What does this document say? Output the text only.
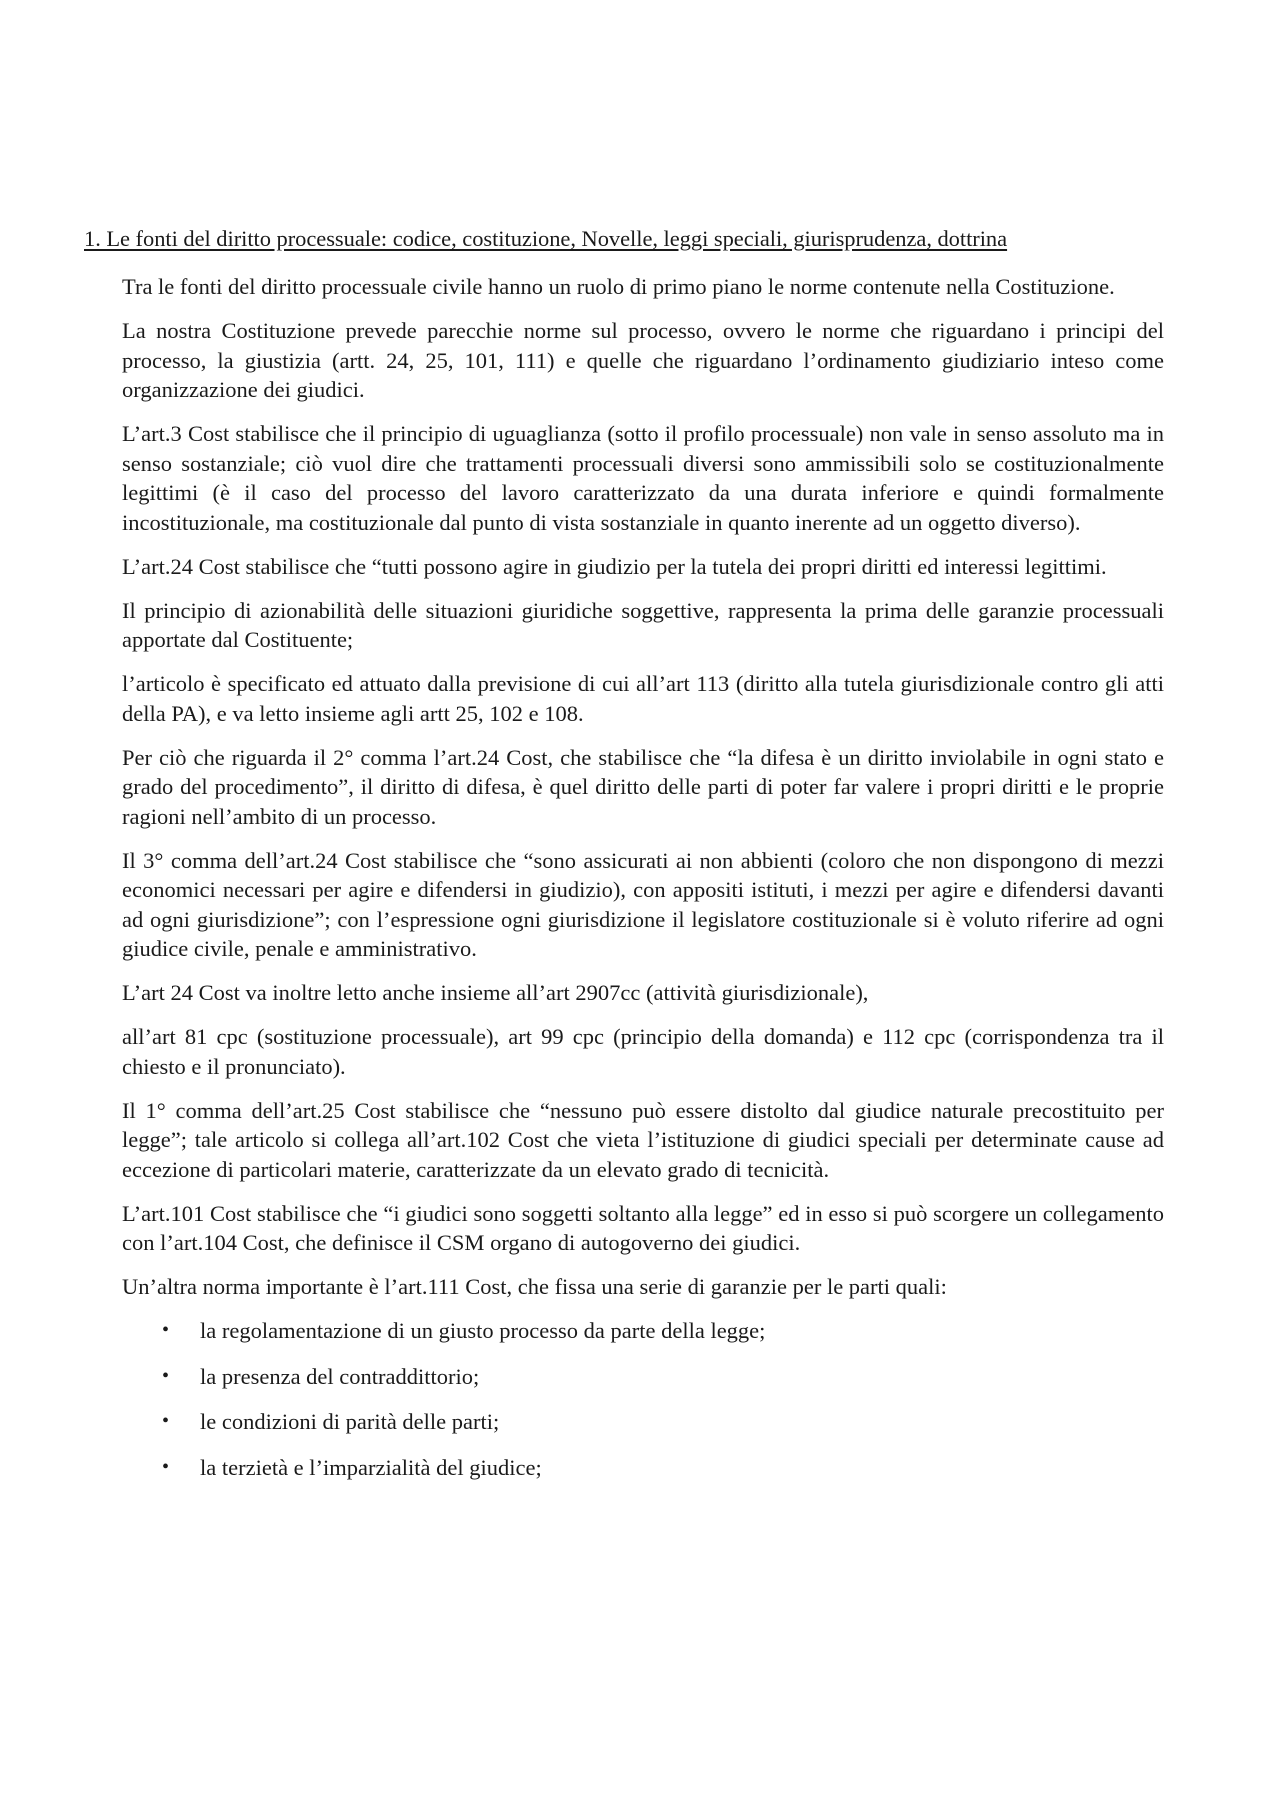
1. Le fonti del diritto processuale: codice, costituzione, Novelle, leggi speciali, giurisprudenza, dottrina

Tra le fonti del diritto processuale civile hanno un ruolo di primo piano le norme contenute nella Costituzione.

La nostra Costituzione prevede parecchie norme sul processo, ovvero le norme che riguardano i principi del processo, la giustizia (artt. 24, 25, 101, 111) e quelle che riguardano l’ordinamento giudiziario inteso come organizzazione dei giudici.

L’art.3 Cost stabilisce che il principio di uguaglianza (sotto il profilo processuale) non vale in senso assoluto ma in senso sostanziale; ciò vuol dire che trattamenti processuali diversi sono ammissibili solo se costituzionalmente legittimi (è il caso del processo del lavoro caratterizzato da una durata inferiore e quindi formalmente incostituzionale, ma costituzionale dal punto di vista sostanziale in quanto inerente ad un oggetto diverso).

L’art.24 Cost stabilisce che “tutti possono agire in giudizio per la tutela dei propri diritti ed interessi legittimi.

Il principio di azionabilità delle situazioni giuridiche soggettive, rappresenta la prima delle garanzie processuali apportate dal Costituente;

l’articolo è specificato ed attuato dalla previsione di cui all’art 113 (diritto alla tutela giurisdizionale contro gli atti della PA), e va letto insieme agli artt 25, 102 e 108.

Per ciò che riguarda il 2° comma l’art.24 Cost, che stabilisce che “la difesa è un diritto inviolabile in ogni stato e grado del procedimento”, il diritto di difesa, è quel diritto delle parti di poter far valere i propri diritti e le proprie ragioni nell’ambito di un processo.

Il 3° comma dell’art.24 Cost stabilisce che “sono assicurati ai non abbienti (coloro che non dispongono di mezzi economici necessari per agire e difendersi in giudizio), con appositi istituti, i mezzi per agire e difendersi davanti ad ogni giurisdizione”; con l’espressione ogni giurisdizione il legislatore costituzionale si è voluto riferire ad ogni giudice civile, penale e amministrativo.

L’art 24 Cost va inoltre letto anche insieme all’art 2907cc (attività giurisdizionale),

all’art 81 cpc (sostituzione processuale), art 99 cpc (principio della domanda) e 112 cpc (corrispondenza tra il chiesto e il pronunciato).

Il 1° comma dell’art.25 Cost stabilisce che “nessuno può essere distolto dal giudice naturale precostituito per legge”; tale articolo si collega all’art.102 Cost che vieta l’istituzione di giudici speciali per determinate cause ad eccezione di particolari materie, caratterizzate da un elevato grado di tecnicità.

L’art.101 Cost stabilisce che “i giudici sono soggetti soltanto alla legge” ed in esso si può scorgere un collegamento con l’art.104 Cost, che definisce il CSM organo di autogoverno dei giudici.

Un’altra norma importante è l’art.111 Cost, che fissa una serie di garanzie per le parti quali:

• la regolamentazione di un giusto processo da parte della legge;
• la presenza del contraddittorio;
• le condizioni di parità delle parti;
• la terzietà e l’imparzialità del giudice;
